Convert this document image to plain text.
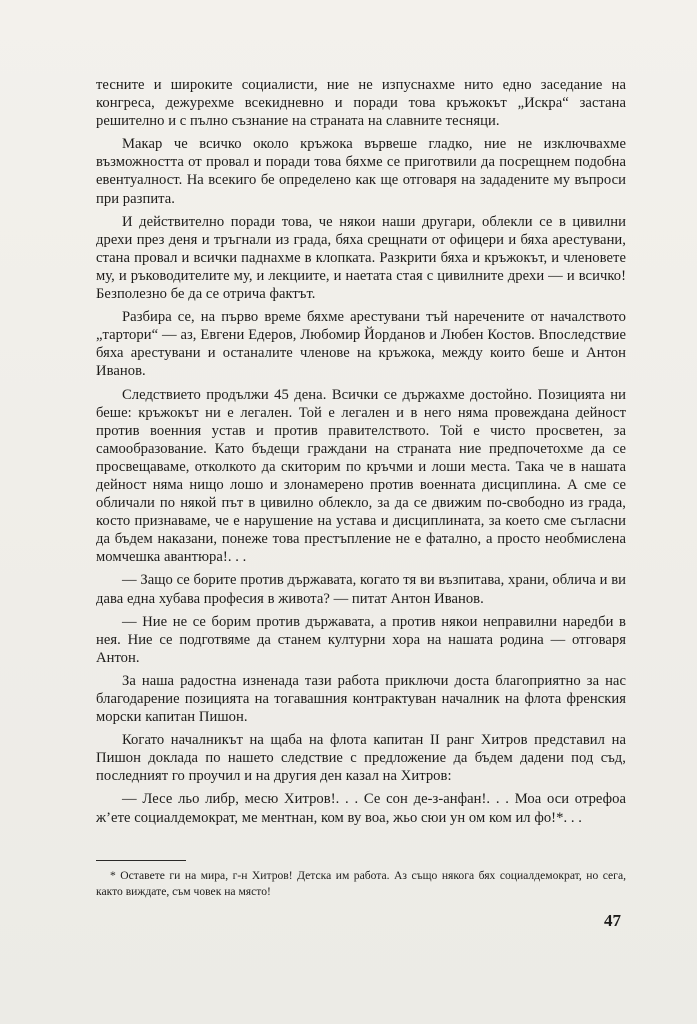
тесните и широките социалисти, ние не изпуснахме нито едно заседание на конгреса, дежурехме всекидневно и поради това кръжокът „Искра“ застана решително и с пълно съзнание на страната на славните тесняци.

Макар че всичко около кръжока вървеше гладко, ние не изключвахме възможността от провал и поради това бяхме се приготвили да посрещнем подобна евентуалност. На всекиго бе определено как ще отговаря на зададените му въпроси при разпита.

И действително поради това, че някои наши другари, облекли се в цивилни дрехи през деня и тръгнали из града, бяха срещнати от офицери и бяха арестувани, стана провал и всички паднахме в клопката. Разкрити бяха и кръжокът, и членовете му, и ръководителите му, и лекциите, и наетата стая с цивилните дрехи — и всичко! Безполезно бе да се отрича фактът.

Разбира се, на първо време бяхме арестувани тъй наречените от началството „тартори“ — аз, Евгени Едеров, Любомир Йорданов и Любен Костов. Впоследствие бяха арестувани и останалите членове на кръжока, между които беше и Антон Иванов.

Следствието продължи 45 дена. Всички се държахме достойно. Позицията ни беше: кръжокът ни е легален. Той е легален и в него няма провеждана дейност против военния устав и против правителството. Той е чисто просветен, за самообразование. Като бъдещи граждани на страната ние предпочетохме да се просвещаваме, отколкото да скиторим по кръчми и лоши места. Така че в нашата дейност няма нищо лошо и злонамерено против военната дисциплина. А сме се обличали по някой път в цивилно облекло, за да се движим по-свободно из града, косто признаваме, че е нарушение на устава и дисциплината, за което сме съгласни да бъдем наказани, понеже това престъпление не е фатално, а просто необмислена момчешка авантюра!. . .

— Защо се борите против държавата, когато тя ви възпитава, храни, облича и ви дава една хубава професия в живота? — питат Антон Иванов.

— Ние не се борим против държавата, а против някои неправилни наредби в нея. Ние се подготвяме да станем културни хора на нашата родина — отговаря Антон.

За наша радостна изненада тази работа приключи доста благоприятно за нас благодарение позицията на тогавашния контрактуван началник на флота френския морски капитан Пишон.

Когато началникът на щаба на флота капитан II ранг Хитров представил на Пишон доклада по нашето следствие с предложение да бъдем дадени под съд, последният го проучил и на другия ден казал на Хитров:

— Лесе льо либр, месю Хитров!. . . Се сон де-з-анфан!. . . Моа оси отрефоа ж’ете социалдемократ, ме ментнан, ком ву воа, жьо сюи ун ом ком ил фо!*. . .

* Оставете ги на мира, г-н Хитров! Детска им работа. Аз също някога бях социалдемократ, но сега, както виждате, съм човек на място!
47
